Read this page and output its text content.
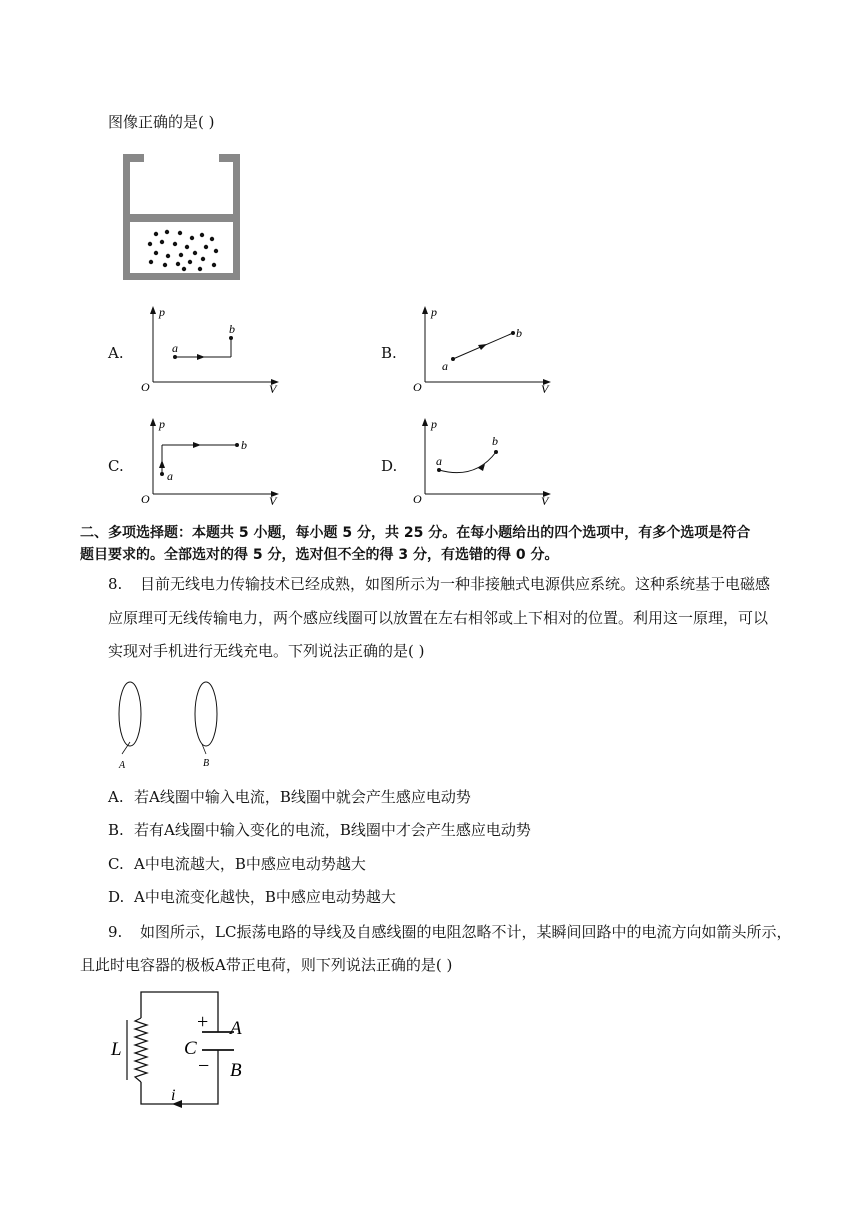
图像正确的是( )
A.
p
V
O
a
b
B.
p
V
O
a
b
C.
p
V
O
a
b
D.
p
V
O
a
b
二、多项选择题：本题共 5 小题，每小题 5 分，共 25 分。在每小题给出的四个选项中，有多个选项是符合
题目要求的。全部选对的得 5 分，选对但不全的得 3 分，有选错的得 0 分。
8. 目前无线电力传输技术已经成熟，如图所示为一种非接触式电源供应系统。这种系统基于电磁感
应原理可无线传输电力，两个感应线圈可以放置在左右相邻或上下相对的位置。利用这一原理，可以
实现对手机进行无线充电。下列说法正确的是( )
A	B
A. 若A线圈中输入电流，B线圈中就会产生感应电动势
B. 若有A线圈中输入变化的电流，B线圈中才会产生感应电动势
C. A中电流越大，B中感应电动势越大
D. A中电流变化越快，B中感应电动势越大
9. 如图所示，LC振荡电路的导线及自感线圈的电阻忽略不计，某瞬间回路中的电流方向如箭头所示，
且此时电容器的极板A带正电荷，则下列说法正确的是( )
L	C
A
B
+
−
i
